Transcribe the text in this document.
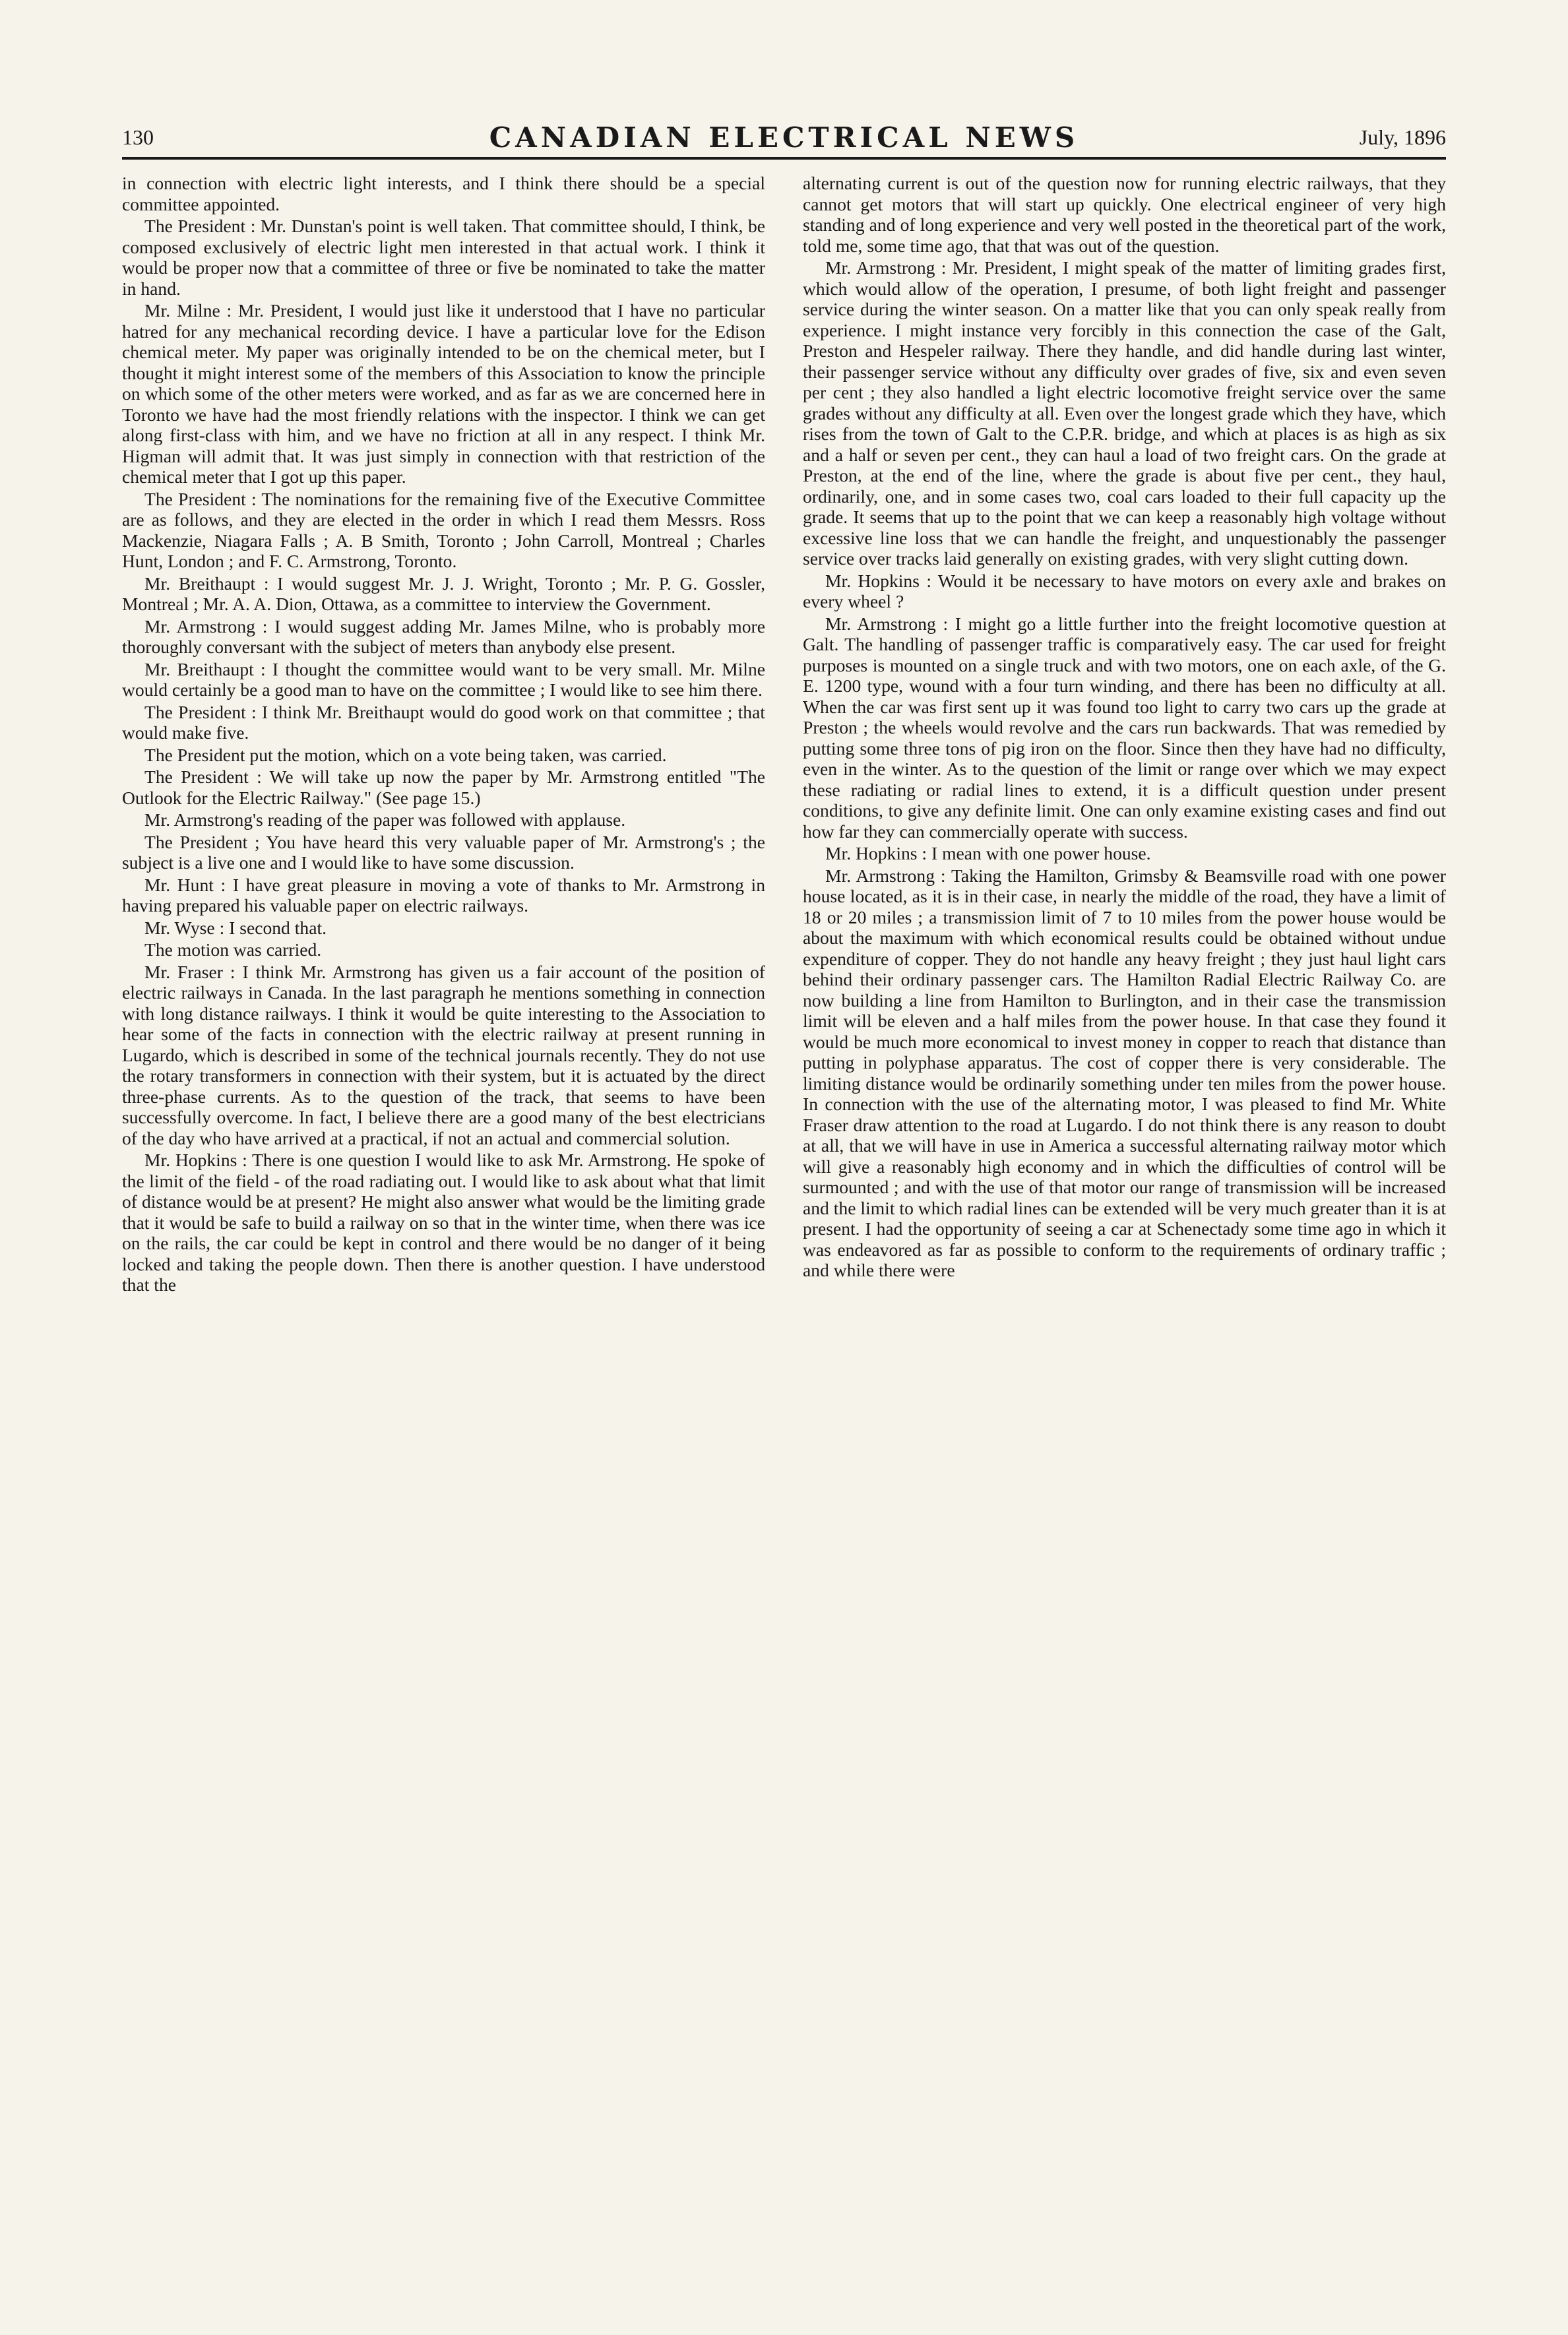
130	CANADIAN ELECTRICAL NEWS	July, 1896

in connection with electric light interests, and I think there should be a special committee appointed.

The President : Mr. Dunstan's point is well taken. That committee should, I think, be composed exclusively of electric light men interested in that actual work. I think it would be proper now that a committee of three or five be nominated to take the matter in hand.

Mr. Milne : Mr. President, I would just like it understood that I have no particular hatred for any mechanical recording device. I have a particular love for the Edison chemical meter. My paper was originally intended to be on the chemical meter, but I thought it might interest some of the members of this Association to know the principle on which some of the other meters were worked, and as far as we are concerned here in Toronto we have had the most friendly relations with the inspector. I think we can get along first-class with him, and we have no friction at all in any respect. I think Mr. Higman will admit that. It was just simply in connection with that restriction of the chemical meter that I got up this paper.

The President : The nominations for the remaining five of the Executive Committee are as follows, and they are elected in the order in which I read them Messrs. Ross Mackenzie, Niagara Falls ; A. B Smith, Toronto ; John Carroll, Montreal ; Charles Hunt, London ; and F. C. Armstrong, Toronto.

Mr. Breithaupt : I would suggest Mr. J. J. Wright, Toronto ; Mr. P. G. Gossler, Montreal ; Mr. A. A. Dion, Ottawa, as a committee to interview the Government.

Mr. Armstrong : I would suggest adding Mr. James Milne, who is probably more thoroughly conversant with the subject of meters than anybody else present.

Mr. Breithaupt : I thought the committee would want to be very small. Mr. Milne would certainly be a good man to have on the committee ; I would like to see him there.

The President : I think Mr. Breithaupt would do good work on that committee ; that would make five.

The President put the motion, which on a vote being taken, was carried.

The President : We will take up now the paper by Mr. Armstrong entitled "The Outlook for the Electric Railway." (See page 15.)

Mr. Armstrong's reading of the paper was followed with applause.

The President ; You have heard this very valuable paper of Mr. Armstrong's ; the subject is a live one and I would like to have some discussion.

Mr. Hunt : I have great pleasure in moving a vote of thanks to Mr. Armstrong in having prepared his valuable paper on electric railways.

Mr. Wyse : I second that.

The motion was carried.

Mr. Fraser : I think Mr. Armstrong has given us a fair account of the position of electric railways in Canada. In the last paragraph he mentions something in connection with long distance railways. I think it would be quite interesting to the Association to hear some of the facts in connection with the electric railway at present running in Lugardo, which is described in some of the technical journals recently. They do not use the rotary transformers in connection with their system, but it is actuated by the direct three-phase currents. As to the question of the track, that seems to have been successfully overcome. In fact, I believe there are a good many of the best electricians of the day who have arrived at a practical, if not an actual and commercial solution.

Mr. Hopkins : There is one question I would like to ask Mr. Armstrong. He spoke of the limit of the field - of the road radiating out. I would like to ask about what that limit of distance would be at present? He might also answer what would be the limiting grade that it would be safe to build a railway on so that in the winter time, when there was ice on the rails, the car could be kept in control and there would be no danger of it being locked and taking the people down. Then there is another question. I have understood that the

alternating current is out of the question now for running electric railways, that they cannot get motors that will start up quickly. One electrical engineer of very high standing and of long experience and very well posted in the theoretical part of the work, told me, some time ago, that that was out of the question.

Mr. Armstrong : Mr. President, I might speak of the matter of limiting grades first, which would allow of the operation, I presume, of both light freight and passenger service during the winter season. On a matter like that you can only speak really from experience. I might instance very forcibly in this connection the case of the Galt, Preston and Hespeler railway. There they handle, and did handle during last winter, their passenger service without any difficulty over grades of five, six and even seven per cent ; they also handled a light electric locomotive freight service over the same grades without any difficulty at all. Even over the longest grade which they have, which rises from the town of Galt to the C.P.R. bridge, and which at places is as high as six and a half or seven per cent., they can haul a load of two freight cars. On the grade at Preston, at the end of the line, where the grade is about five per cent., they haul, ordinarily, one, and in some cases two, coal cars loaded to their full capacity up the grade. It seems that up to the point that we can keep a reasonably high voltage without excessive line loss that we can handle the freight, and unquestionably the passenger service over tracks laid generally on existing grades, with very slight cutting down.

Mr. Hopkins : Would it be necessary to have motors on every axle and brakes on every wheel ?

Mr. Armstrong : I might go a little further into the freight locomotive question at Galt. The handling of passenger traffic is comparatively easy. The car used for freight purposes is mounted on a single truck and with two motors, one on each axle, of the G. E. 1200 type, wound with a four turn winding, and there has been no difficulty at all. When the car was first sent up it was found too light to carry two cars up the grade at Preston ; the wheels would revolve and the cars run backwards. That was remedied by putting some three tons of pig iron on the floor. Since then they have had no difficulty, even in the winter. As to the question of the limit or range over which we may expect these radiating or radial lines to extend, it is a difficult question under present conditions, to give any definite limit. One can only examine existing cases and find out how far they can commercially operate with success.

Mr. Hopkins : I mean with one power house.

Mr. Armstrong : Taking the Hamilton, Grimsby & Beamsville road with one power house located, as it is in their case, in nearly the middle of the road, they have a limit of 18 or 20 miles ; a transmission limit of 7 to 10 miles from the power house would be about the maximum with which economical results could be obtained without undue expenditure of copper. They do not handle any heavy freight ; they just haul light cars behind their ordinary passenger cars. The Hamilton Radial Electric Railway Co. are now building a line from Hamilton to Burlington, and in their case the transmission limit will be eleven and a half miles from the power house. In that case they found it would be much more economical to invest money in copper to reach that distance than putting in polyphase apparatus. The cost of copper there is very considerable. The limiting distance would be ordinarily something under ten miles from the power house. In connection with the use of the alternating motor, I was pleased to find Mr. White Fraser draw attention to the road at Lugardo. I do not think there is any reason to doubt at all, that we will have in use in America a successful alternating railway motor which will give a reasonably high economy and in which the difficulties of control will be surmounted ; and with the use of that motor our range of transmission will be increased and the limit to which radial lines can be extended will be very much greater than it is at present. I had the opportunity of seeing a car at Schenectady some time ago in which it was endeavored as far as possible to conform to the requirements of ordinary traffic ; and while there were
